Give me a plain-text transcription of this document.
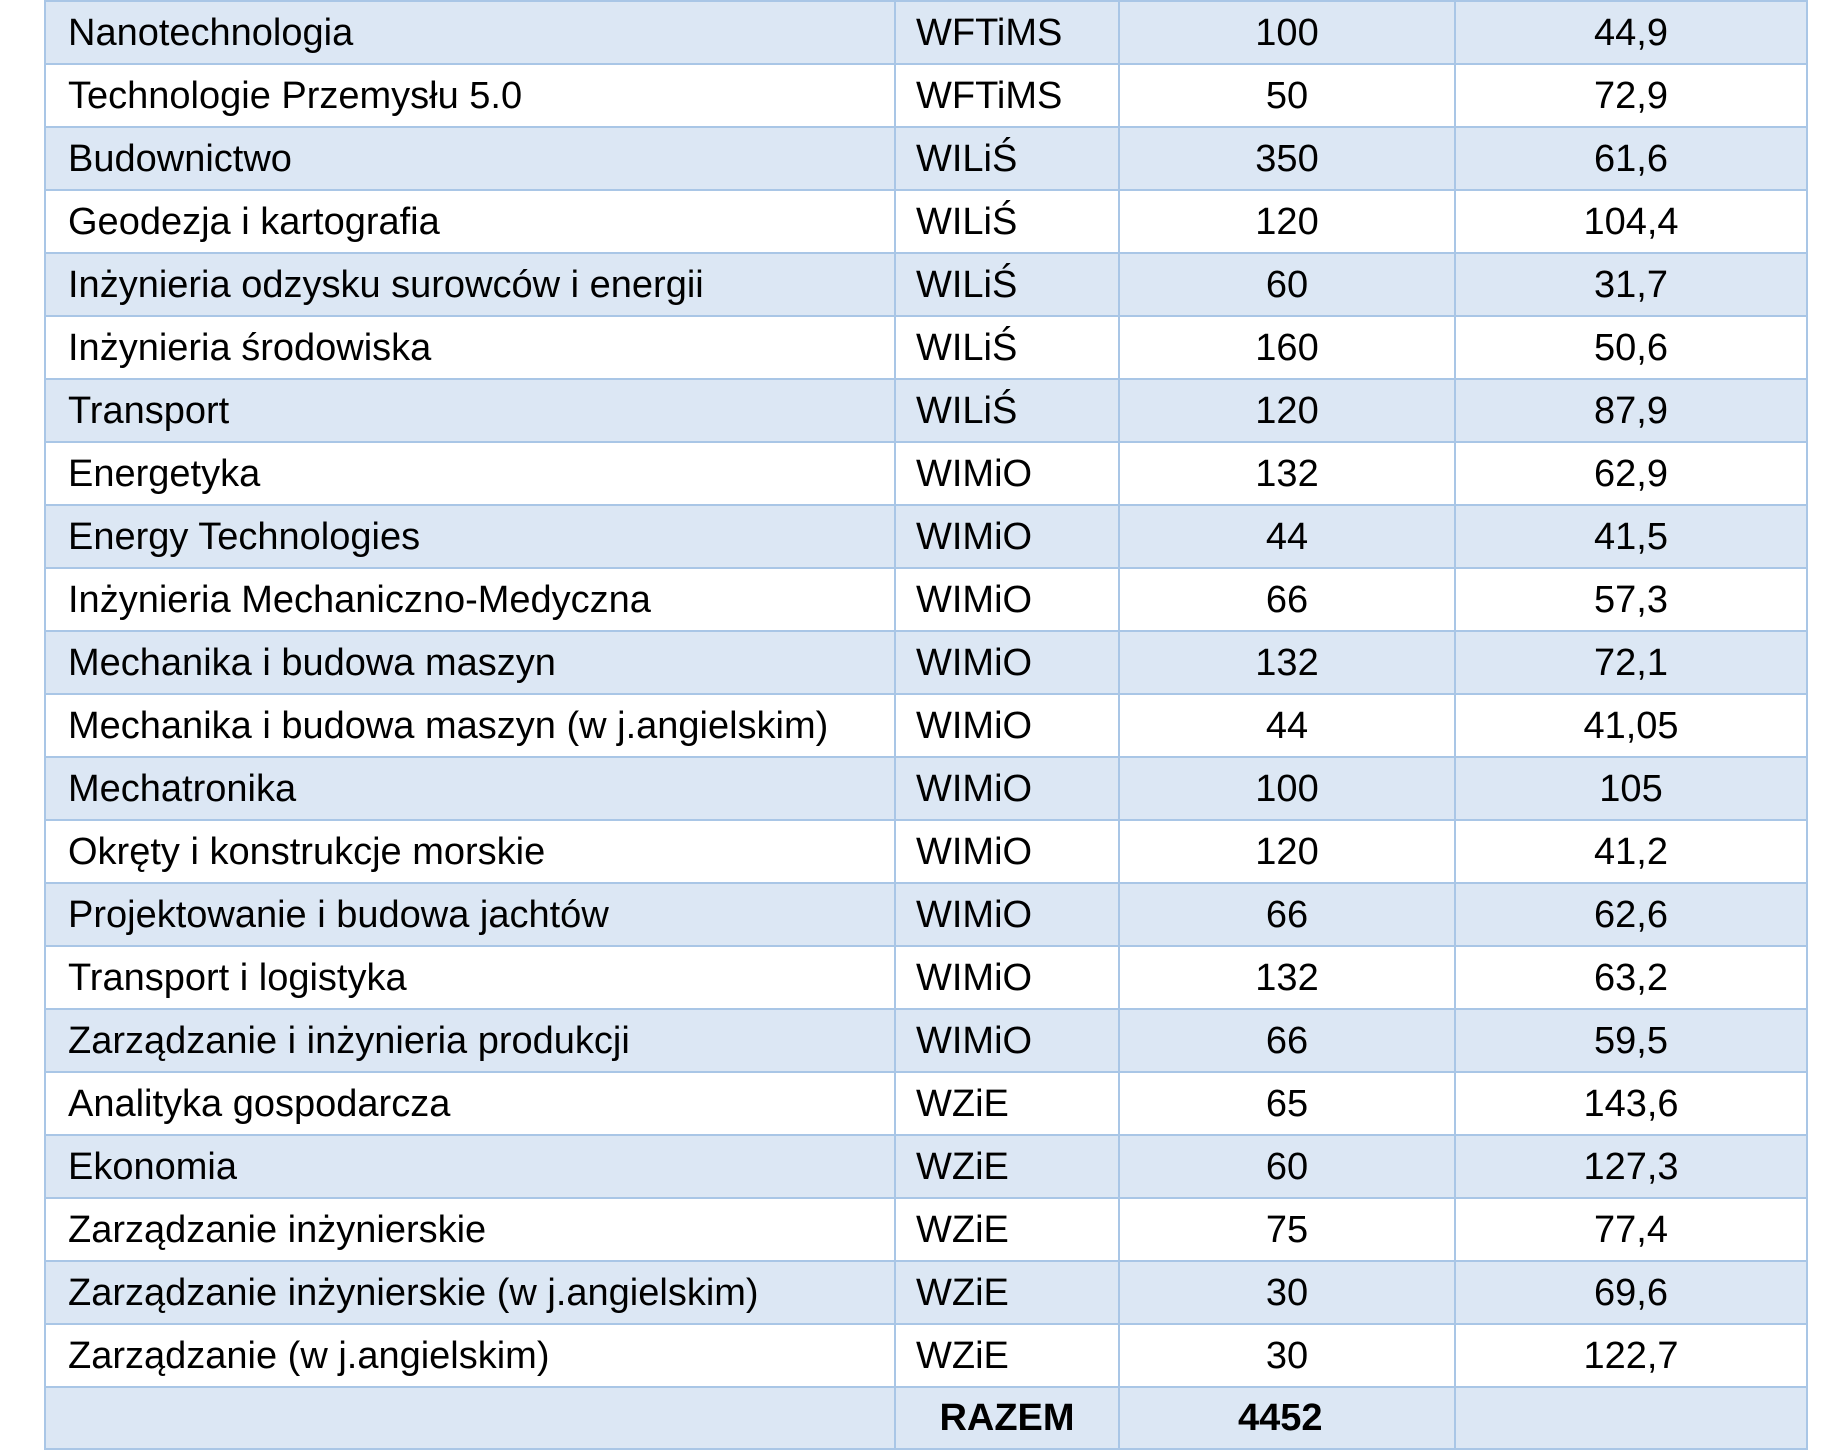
Nanotechnologia	WFTiMS	100	44,9
Technologie Przemysłu 5.0	WFTiMS	50	72,9
Budownictwo	WILiŚ	350	61,6
Geodezja i kartografia	WILiŚ	120	104,4
Inżynieria odzysku surowców i energii	WILiŚ	60	31,7
Inżynieria środowiska	WILiŚ	160	50,6
Transport	WILiŚ	120	87,9
Energetyka	WIMiO	132	62,9
Energy Technologies	WIMiO	44	41,5
Inżynieria Mechaniczno-Medyczna	WIMiO	66	57,3
Mechanika i budowa maszyn	WIMiO	132	72,1
Mechanika i budowa maszyn (w j.angielskim)	WIMiO	44	41,05
Mechatronika	WIMiO	100	105
Okręty i konstrukcje morskie	WIMiO	120	41,2
Projektowanie i budowa jachtów	WIMiO	66	62,6
Transport i logistyka	WIMiO	132	63,2
Zarządzanie i inżynieria produkcji	WIMiO	66	59,5
Analityka gospodarcza	WZiE	65	143,6
Ekonomia	WZiE	60	127,3
Zarządzanie inżynierskie	WZiE	75	77,4
Zarządzanie inżynierskie (w j.angielskim)	WZiE	30	69,6
Zarządzanie (w j.angielskim)	WZiE	30	122,7
	RAZEM	4452	
